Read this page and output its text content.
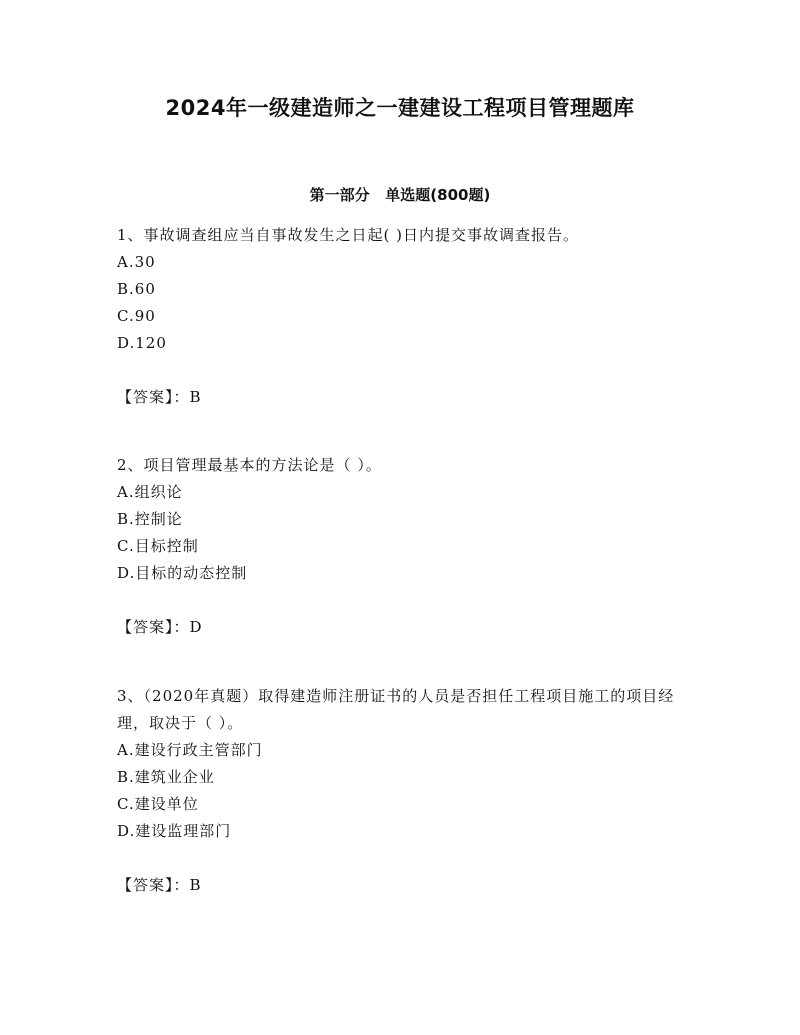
2024年一级建造师之一建建设工程项目管理题库
第一部分   单选题(800题)
1、事故调查组应当自事故发生之日起( )日内提交事故调查报告。
A.30
B.60
C.90
D.120
【答案】：B
2、项目管理最基本的方法论是（ ）。
A.组织论
B.控制论
C.目标控制
D.目标的动态控制
【答案】：D
3、（2020年真题）取得建造师注册证书的人员是否担任工程项目施工的项目经理，取决于（ ）。
A.建设行政主管部门
B.建筑业企业
C.建设单位
D.建设监理部门
【答案】：B
